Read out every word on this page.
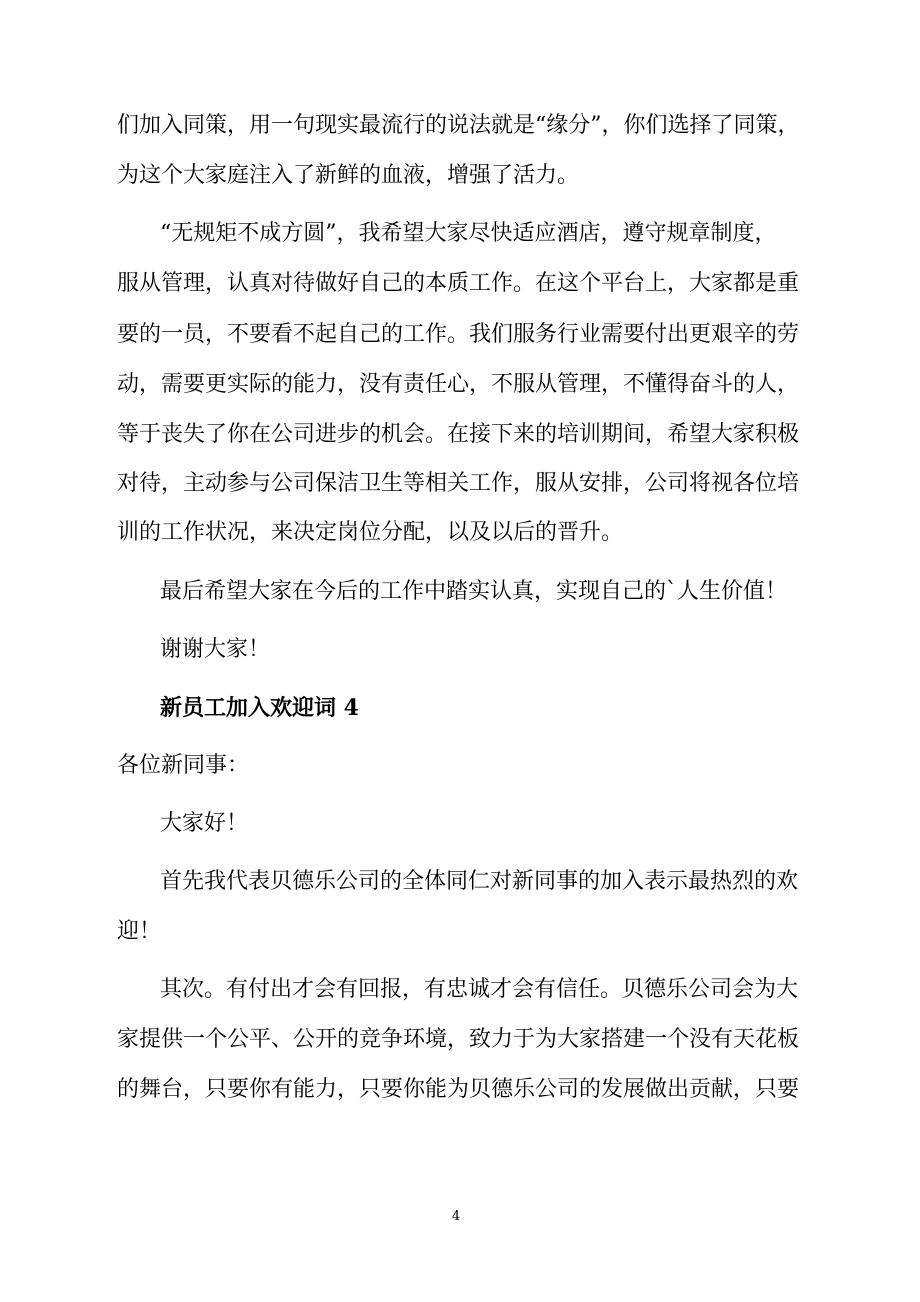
们加入同策，用一句现实最流行的说法就是“缘分”，你们选择了同策，
为这个大家庭注入了新鲜的血液，增强了活力。
“无规矩不成方圆”，我希望大家尽快适应酒店，遵守规章制度，
服从管理，认真对待做好自己的本质工作。在这个平台上，大家都是重
要的一员，不要看不起自己的工作。我们服务行业需要付出更艰辛的劳
动，需要更实际的能力，没有责任心，不服从管理，不懂得奋斗的人，
等于丧失了你在公司进步的机会。在接下来的培训期间，希望大家积极
对待，主动参与公司保洁卫生等相关工作，服从安排，公司将视各位培
训的工作状况，来决定岗位分配，以及以后的晋升。
最后希望大家在今后的工作中踏实认真，实现自己的`人生价值！
谢谢大家！
新员工加入欢迎词 4
各位新同事：
大家好！
首先我代表贝德乐公司的全体同仁对新同事的加入表示最热烈的欢
迎！
其次。有付出才会有回报，有忠诚才会有信任。贝德乐公司会为大
家提供一个公平、公开的竞争环境，致力于为大家搭建一个没有天花板
的舞台，只要你有能力，只要你能为贝德乐公司的发展做出贡献，只要
4
